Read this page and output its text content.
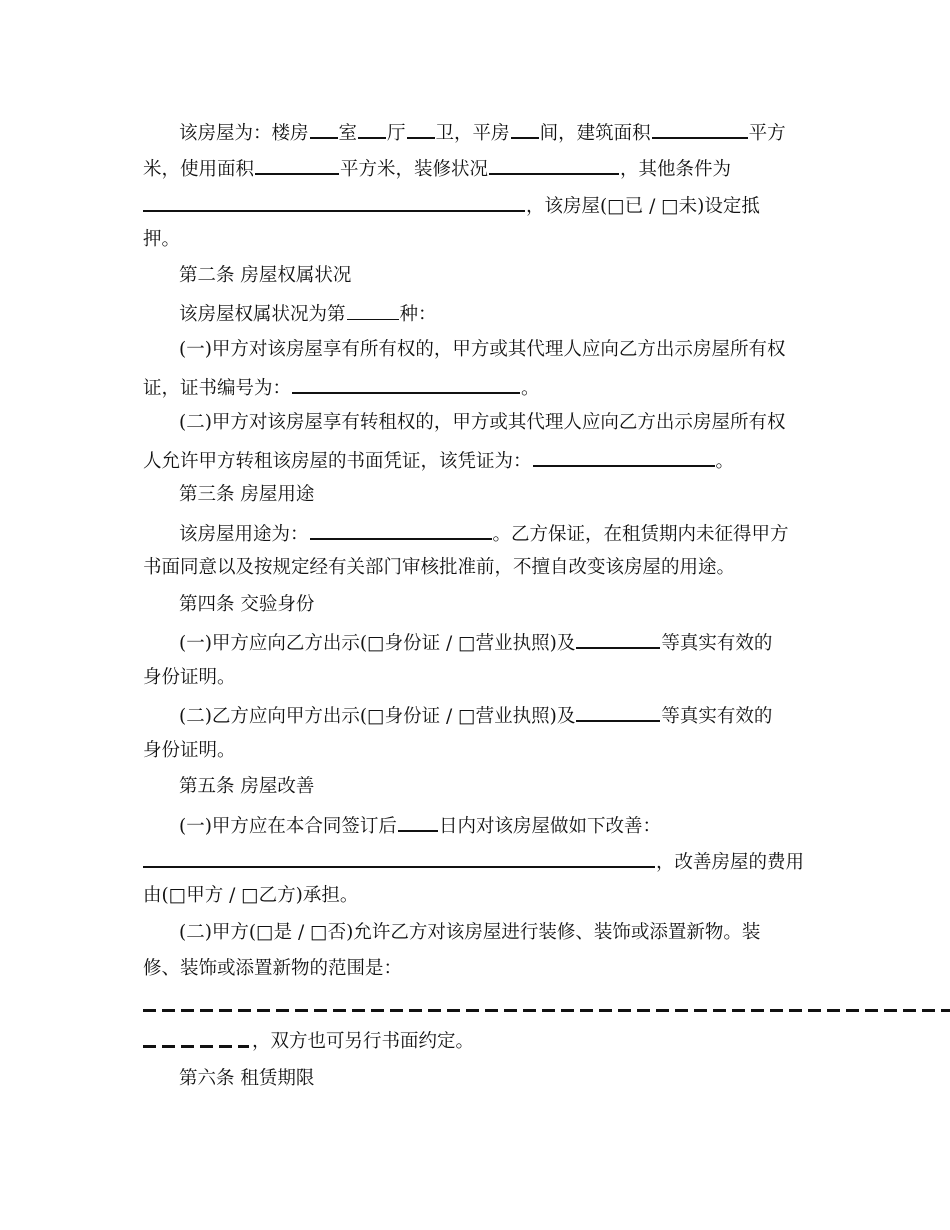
该房屋为：楼房 室 厅 卫，平房 间，建筑面积	平方
米，使用面积	平方米，装修状况	，其他条件为
，该房屋(□已 / □未)设定抵
押。
第二条 房屋权属状况
该房屋权属状况为第	种：
(一)甲方对该房屋享有所有权的，甲方或其代理人应向乙方出示房屋所有权
证，证书编号为：	。
(二)甲方对该房屋享有转租权的，甲方或其代理人应向乙方出示房屋所有权
人允许甲方转租该房屋的书面凭证，该凭证为：	。
第三条 房屋用途
该房屋用途为：	。乙方保证，在租赁期内未征得甲方
书面同意以及按规定经有关部门审核批准前，不擅自改变该房屋的用途。
第四条 交验身份
(一)甲方应向乙方出示(□身份证 / □营业执照)及	等真实有效的
身份证明。
(二)乙方应向甲方出示(□身份证 / □营业执照)及	等真实有效的
身份证明。
第五条 房屋改善
(一)甲方应在本合同签订后 日内对该房屋做如下改善：
，改善房屋的费用
由(□甲方 / □乙方)承担。
(二)甲方(□是 / □否)允许乙方对该房屋进行装修、装饰或添置新物。装
修、装饰或添置新物的范围是：
，双方也可另行书面约定。
第六条 租赁期限
